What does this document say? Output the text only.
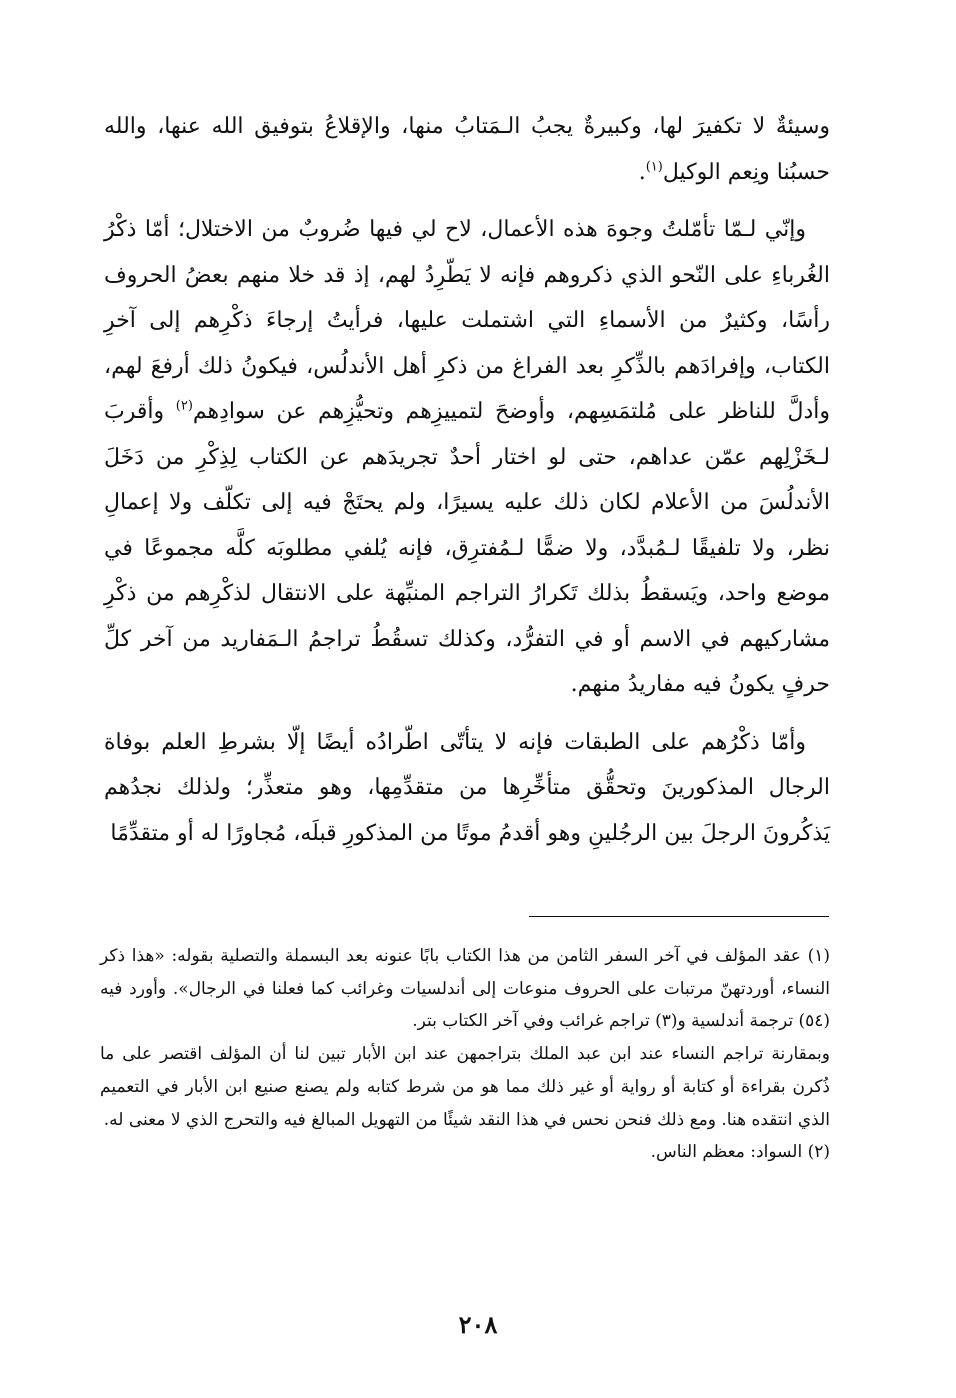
وسيئةٌ لا تكفيرَ لها، وكبيرةٌ يجبُ الـمَتابُ منها، والإقلاعُ بتوفيق الله عنها، والله حسبُنا ونِعم الوكيل$^{(١)}$.

وإنّي لـمّا تأمّلتُ وجوهَ هذه الأعمال، لاح لي فيها ضُروبٌ من الاختلال؛ أمّا ذكْرُ الغُرباءِ على النّحو الذي ذكروهم فإنه لا يَطّرِدُ لهم، إذ قد خلا منهم بعضُ الحروف رأسًا، وكثيرٌ من الأسماءِ التي اشتملت عليها، فرأيتُ إرجاءَ ذكْرِهم إلى آخرِ الكتاب، وإفرادَهم بالذِّكرِ بعد الفراغ من ذكرِ أهل الأندلُس، فيكونُ ذلك أرفعَ لهم، وأدلَّ للناظر على مُلتمَسِهم، وأوضحَ لتمييزِهم وتحيُّزِهم عن سوادِهم$^{(٢)}$ وأقربَ لـخَزْلِهم عمّن عداهم، حتى لو اختار أحدٌ تجريدَهم عن الكتاب لِذِكْرِ من دَخَلَ الأندلُسَ من الأعلام لكان ذلك عليه يسيرًا، ولم يحتَجْ فيه إلى تكلّف ولا إعمالِ نظر، ولا تلفيقًا لـمُبدَّد، ولا ضمًّا لـمُفترِق، فإنه يُلفي مطلوبَه كلَّه مجموعًا في موضع واحد، ويَسقطُ بذلك تَكرارُ التراجم المنبِّهة على الانتقال لذكْرِهم من ذكْرِ مشاركيهم في الاسم أو في التفرُّد، وكذلك تسقُطُ تراجمُ الـمَفاريد من آخر كلِّ حرفٍ يكونُ فيه مفاريدُ منهم.

وأمّا ذكْرُهم على الطبقات فإنه لا يتأتّى اطّرادُه أيضًا إلّا بشرطِ العلم بوفاة الرجال المذكورينَ وتحقُّق متأخِّرِها من متقدِّمِها، وهو متعذِّر؛ ولذلك نجدُهم يَذكُرونَ الرجلَ بين الرجُلينِ وهو أقدمُ موتًا من المذكورِ قبلَه، مُجاورًا له أو متقدِّمًا

(١) عقد المؤلف في آخر السفر الثامن من هذا الكتاب بابًا عنونه بعد البسملة والتصلية بقوله: «هذا ذكر النساء، أوردتهنّ مرتبات على الحروف منوعات إلى أندلسيات وغرائب كما فعلنا في الرجال». وأورد فيه (٥٤) ترجمة أندلسية و(٣) تراجم غرائب وفي آخر الكتاب بتر.

وبمقارنة تراجم النساء عند ابن عبد الملك بتراجمهن عند ابن الأبار تبين لنا أن المؤلف اقتصر على ما ذُكرن بقراءة أو كتابة أو رواية أو غير ذلك مما هو من شرط كتابه ولم يصنع صنيع ابن الأبار في التعميم الذي انتقده هنا. ومع ذلك فنحن نحس في هذا النقد شيئًا من التهويل المبالغ فيه والتحرج الذي لا معنى له.

(٢) السواد: معظم الناس.

٢٠٨
